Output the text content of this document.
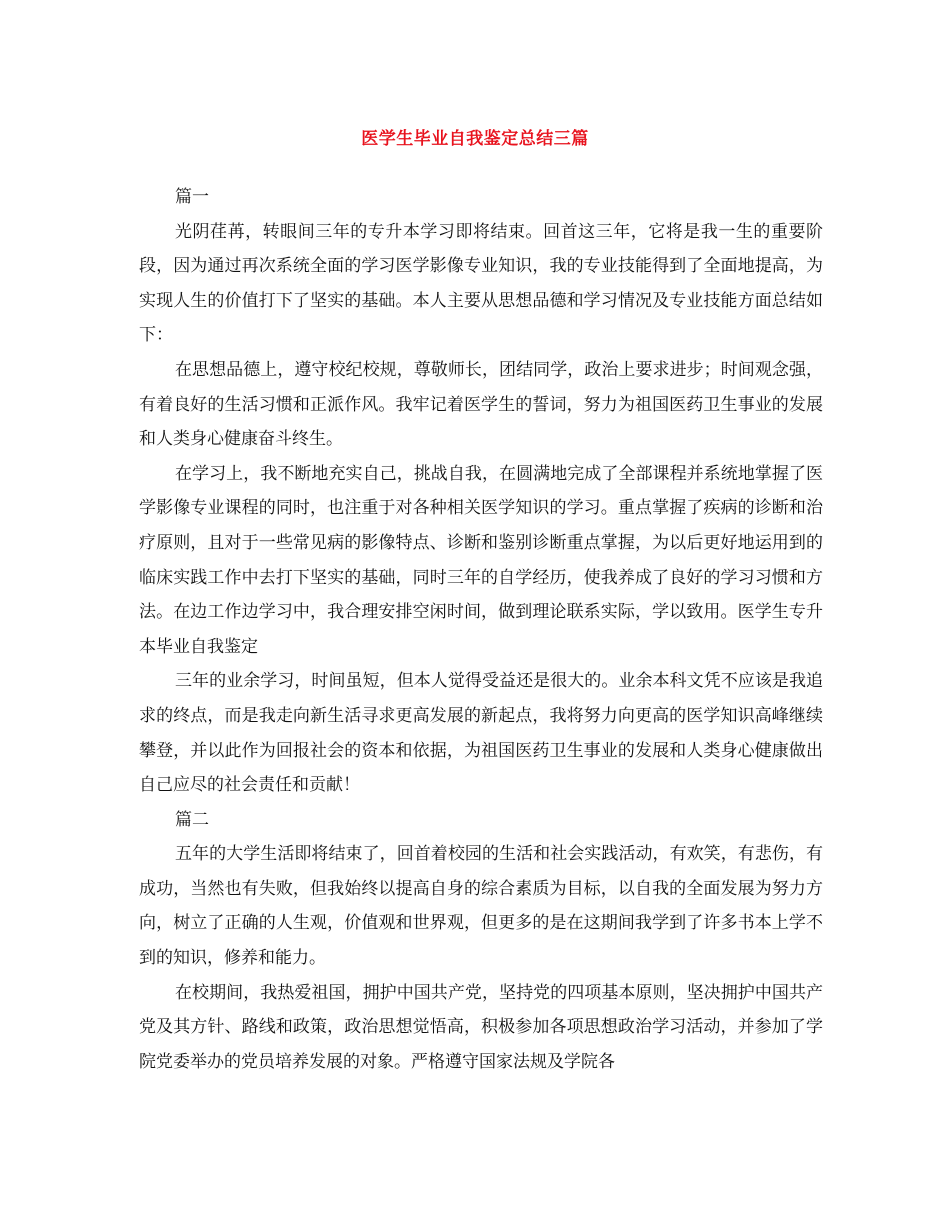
医学生毕业自我鉴定总结三篇

篇一

光阴荏苒，转眼间三年的专升本学习即将结束。回首这三年，它将是我一生的重要阶段，因为通过再次系统全面的学习医学影像专业知识，我的专业技能得到了全面地提高，为实现人生的价值打下了坚实的基础。本人主要从思想品德和学习情况及专业技能方面总结如下：

在思想品德上，遵守校纪校规，尊敬师长，团结同学，政治上要求进步；时间观念强，有着良好的生活习惯和正派作风。我牢记着医学生的誓词，努力为祖国医药卫生事业的发展和人类身心健康奋斗终生。

在学习上，我不断地充实自己，挑战自我，在圆满地完成了全部课程并系统地掌握了医学影像专业课程的同时，也注重于对各种相关医学知识的学习。重点掌握了疾病的诊断和治疗原则，且对于一些常见病的影像特点、诊断和鉴别诊断重点掌握，为以后更好地运用到的临床实践工作中去打下坚实的基础，同时三年的自学经历，使我养成了良好的学习习惯和方法。在边工作边学习中，我合理安排空闲时间，做到理论联系实际，学以致用。医学生专升本毕业自我鉴定

三年的业余学习，时间虽短，但本人觉得受益还是很大的。业余本科文凭不应该是我追求的终点，而是我走向新生活寻求更高发展的新起点，我将努力向更高的医学知识高峰继续攀登，并以此作为回报社会的资本和依据，为祖国医药卫生事业的发展和人类身心健康做出自己应尽的社会责任和贡献！

篇二

五年的大学生活即将结束了，回首着校园的生活和社会实践活动，有欢笑，有悲伤，有成功，当然也有失败，但我始终以提高自身的综合素质为目标，以自我的全面发展为努力方向，树立了正确的人生观，价值观和世界观，但更多的是在这期间我学到了许多书本上学不到的知识，修养和能力。

在校期间，我热爱祖国，拥护中国共产党，坚持党的四项基本原则，坚决拥护中国共产党及其方针、路线和政策，政治思想觉悟高，积极参加各项思想政治学习活动，并参加了学院党委举办的党员培养发展的对象。严格遵守国家法规及学院各
